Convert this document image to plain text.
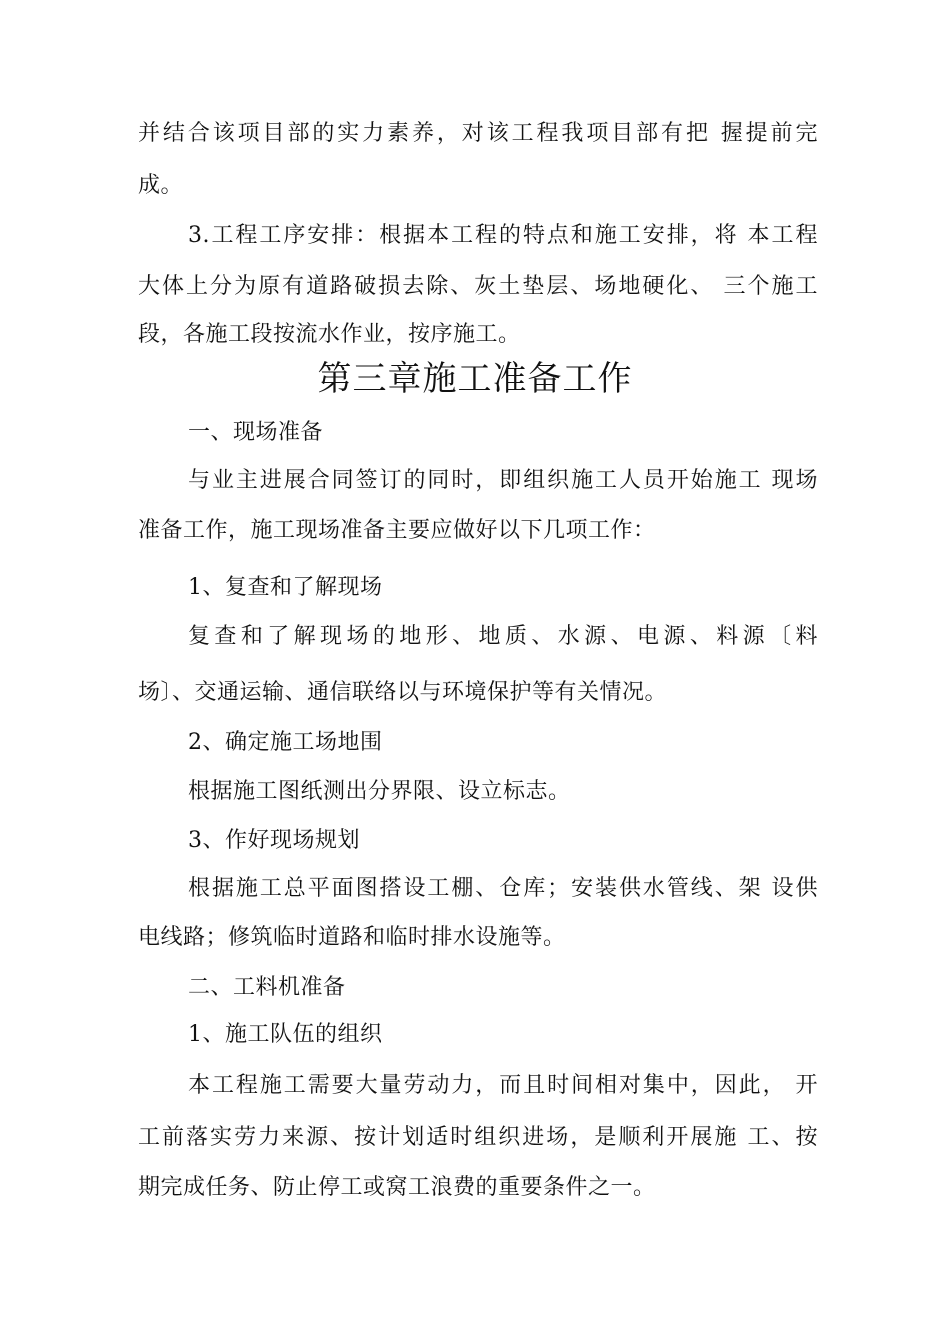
并结合该项目部的实力素养，对该工程我项目部有把 握提前完
成。
3.工程工序安排：根据本工程的特点和施工安排，将 本工程
大体上分为原有道路破损去除、灰土垫层、场地硬化、 三个施工
段，各施工段按流水作业，按序施工。
第三章施工准备工作
一、现场准备
与业主进展合同签订的同时，即组织施工人员开始施工 现场
准备工作，施工现场准备主要应做好以下几项工作：
1、复查和了解现场
复查和了解现场的地形、地质、水源、电源、料源〔料
场〕、交通运输、通信联络以与环境保护等有关情况。
2、确定施工场地围
根据施工图纸测出分界限、设立标志。
3、作好现场规划
根据施工总平面图搭设工棚、仓库；安装供水管线、架 设供
电线路；修筑临时道路和临时排水设施等。
二、工料机准备
1、施工队伍的组织
本工程施工需要大量劳动力，而且时间相对集中，因此， 开
工前落实劳力来源、按计划适时组织进场，是顺利开展施 工、按
期完成任务、防止停工或窝工浪费的重要条件之一。
